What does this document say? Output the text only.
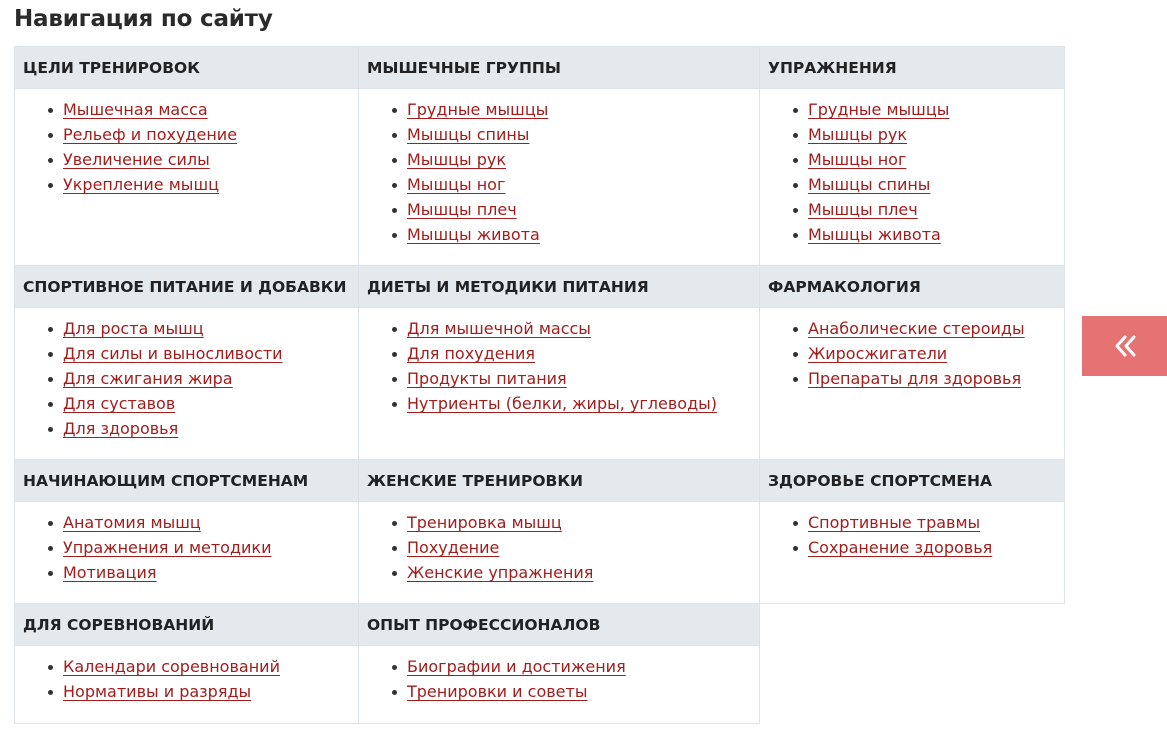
Навигация по сайту
ЦЕЛИ ТРЕНИРОВОК
Мышечная масса
Рельеф и похудение
Увеличение силы
Укрепление мышц
МЫШЕЧНЫЕ ГРУППЫ
Грудные мышцы
Мышцы спины
Мышцы рук
Мышцы ног
Мышцы плеч
Мышцы живота
УПРАЖНЕНИЯ
Грудные мышцы
Мышцы рук
Мышцы ног
Мышцы спины
Мышцы плеч
Мышцы живота
СПОРТИВНОЕ ПИТАНИЕ И ДОБАВКИ
Для роста мышц
Для силы и выносливости
Для сжигания жира
Для суставов
Для здоровья
ДИЕТЫ И МЕТОДИКИ ПИТАНИЯ
Для мышечной массы
Для похудения
Продукты питания
Нутриенты (белки, жиры, углеводы)
ФАРМАКОЛОГИЯ
Анаболические стероиды
Жиросжигатели
Препараты для здоровья
НАЧИНАЮЩИМ СПОРТСМЕНАМ
Анатомия мышц
Упражнения и методики
Мотивация
ЖЕНСКИЕ ТРЕНИРОВКИ
Тренировка мышц
Похудение
Женские упражнения
ЗДОРОВЬЕ СПОРТСМЕНА
Спортивные травмы
Сохранение здоровья
ДЛЯ СОРЕВНОВАНИЙ
Календари соревнований
Нормативы и разряды
ОПЫТ ПРОФЕССИОНАЛОВ
Биографии и достижения
Тренировки и советы
